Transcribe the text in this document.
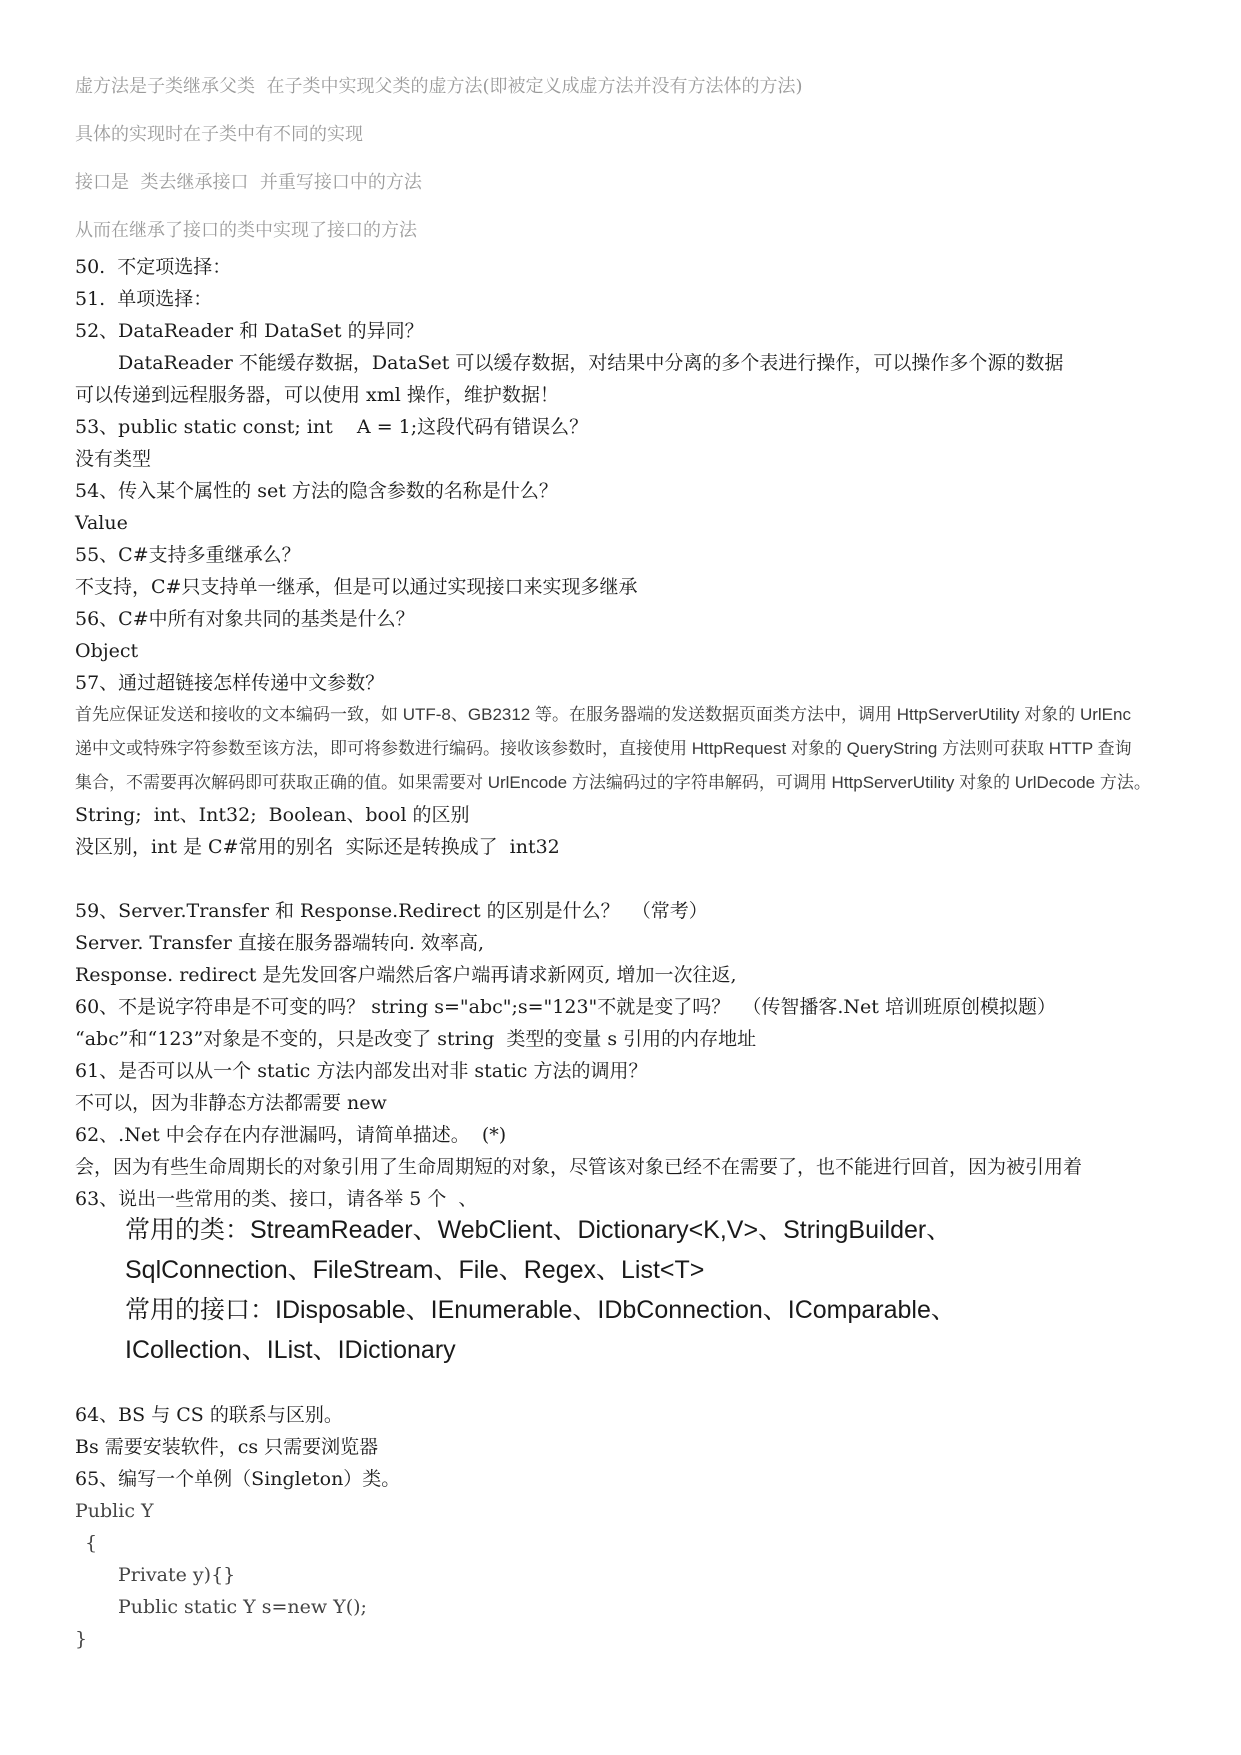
虚方法是子类继承父类  在子类中实现父类的虚方法(即被定义成虚方法并没有方法体的方法)
具体的实现时在子类中有不同的实现
接口是  类去继承接口  并重写接口中的方法
从而在继承了接口的类中实现了接口的方法
50.  不定项选择：
51.  单项选择：
52、DataReader 和 DataSet 的异同？
DataReader 不能缓存数据，DataSet 可以缓存数据，对结果中分离的多个表进行操作，可以操作多个源的数据
可以传递到远程服务器，可以使用 xml 操作，维护数据！
53、public static const; int    A = 1;这段代码有错误么？
没有类型
54、传入某个属性的 set 方法的隐含参数的名称是什么？
Value
55、C#支持多重继承么？
不支持，C#只支持单一继承，但是可以通过实现接口来实现多继承
56、C#中所有对象共同的基类是什么？
Object
57、通过超链接怎样传递中文参数？
首先应保证发送和接收的文本编码一致，如 UTF-8、GB2312 等。在服务器端的发送数据页面类方法中，调用 HttpServerUtility 对象的 UrlEnc
递中文或特殊字符参数至该方法，即可将参数进行编码。接收该参数时，直接使用 HttpRequest 对象的 QueryString 方法则可获取 HTTP 查询
集合，不需要再次解码即可获取正确的值。如果需要对 UrlEncode 方法编码过的字符串解码，可调用 HttpServerUtility 对象的 UrlDecode 方法。
String;  int、Int32;  Boolean、bool 的区别
没区别，int 是 C#常用的别名  实际还是转换成了  int32
59、Server.Transfer 和 Response.Redirect 的区别是什么？  （常考）
Server. Transfer 直接在服务器端转向. 效率高,
Response. redirect 是先发回客户端然后客户端再请求新网页, 增加一次往返,
60、不是说字符串是不可变的吗？ string s="abc";s="123"不就是变了吗？  （传智播客.Net 培训班原创模拟题）
“abc”和“123”对象是不变的，只是改变了 string  类型的变量 s 引用的内存地址
61、是否可以从一个 static 方法内部发出对非 static 方法的调用？
不可以，因为非静态方法都需要 new
62、.Net 中会存在内存泄漏吗，请简单描述。  (*)
会，因为有些生命周期长的对象引用了生命周期短的对象，尽管该对象已经不在需要了，也不能进行回首，因为被引用着
63、说出一些常用的类、接口，请各举 5 个  、
常用的类：StreamReader、WebClient、Dictionary<K,V>、StringBuilder、
SqlConnection、FileStream、File、Regex、List<T>
常用的接口：IDisposable、IEnumerable、IDbConnection、IComparable、
ICollection、IList、IDictionary
64、BS 与 CS 的联系与区别。
Bs 需要安装软件，cs 只需要浏览器
65、编写一个单例（Singleton）类。
Public Y
{
Private y){}
Public static Y s=new Y();
}
